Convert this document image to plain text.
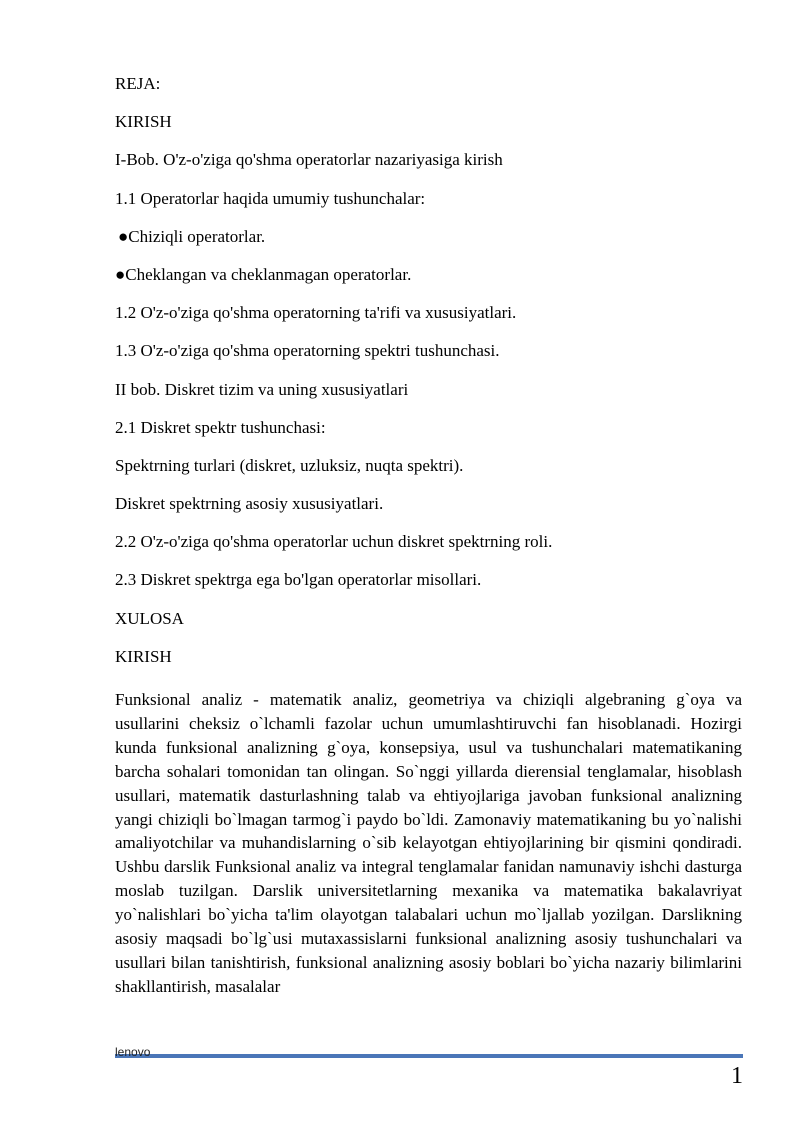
REJA:
KIRISH
I-Bob. O'z-o'ziga qo'shma operatorlar nazariyasiga kirish
1.1 Operatorlar haqida umumiy tushunchalar:
●Chiziqli operatorlar.
●Cheklangan va cheklanmagan operatorlar.
1.2 O'z-o'ziga qo'shma operatorning ta'rifi va xususiyatlari.
1.3 O'z-o'ziga qo'shma operatorning spektri tushunchasi.
II bob. Diskret tizim va uning xususiyatlari
2.1 Diskret spektr tushunchasi:
Spektrning turlari (diskret, uzluksiz, nuqta spektri).
Diskret spektrning asosiy xususiyatlari.
2.2 O'z-o'ziga qo'shma operatorlar uchun diskret spektrning roli.
2.3 Diskret spektrga ega bo'lgan operatorlar misollari.
XULOSA
KIRISH

Funksional analiz - matematik analiz, geometriya va chiziqli algebraning g`oya va usullarini cheksiz o`lchamli fazolar uchun umumlashtiruvchi fan hisoblanadi. Hozirgi kunda funksional analizning g`oya, konsepsiya, usul va tushunchalari matematikaning barcha sohalari tomonidan tan olingan. So`nggi yillarda dierensial tenglamalar, hisoblash usullari, matematik dasturlashning talab va ehtiyojlariga javoban funksional analizning yangi chiziqli bo`lmagan tarmog`i paydo bo`ldi. Zamonaviy matematikaning bu yo`nalishi amaliyotchilar va muhandislarning o`sib kelayotgan ehtiyojlarining bir qismini qondiradi. Ushbu darslik Funksional analiz va integral tenglamalar fanidan namunaviy ishchi dasturga moslab tuzilgan. Darslik universitetlarning mexanika va matematika bakalavriyat yo`nalishlari bo`yicha ta'lim olayotgan talabalari uchun mo`ljallab yozilgan. Darslikning asosiy maqsadi bo`lg`usi mutaxassislarni funksional analizning asosiy tushunchalari va usullari bilan tanishtirish, funksional analizning asosiy boblari bo`yicha nazariy bilimlarini shakllantirish, masalalar

lenovo
1
